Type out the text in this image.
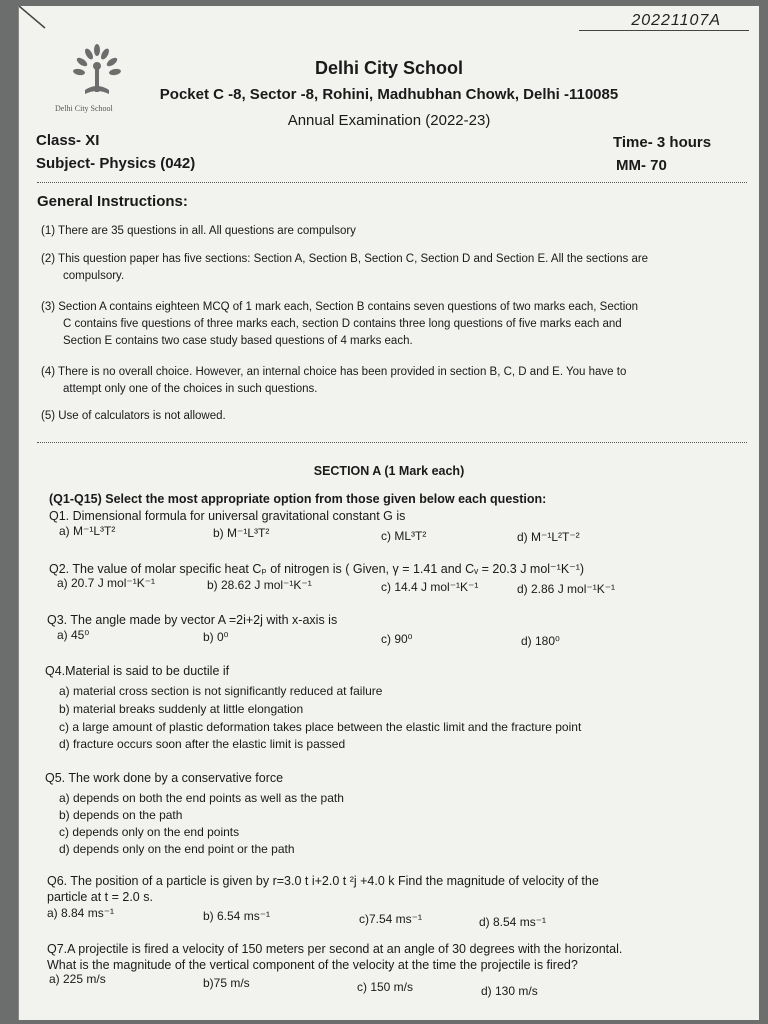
20221107A
Delhi City School
Delhi City School
Pocket C -8, Sector -8, Rohini, Madhubhan Chowk, Delhi -110085
Annual Examination (2022-23)
Class- XI	Time- 3 hours
Subject- Physics (042)	MM- 70
General Instructions:
(1) There are 35 questions in all. All questions are compulsory
(2) This question paper has five sections: Section A, Section B, Section C, Section D and Section E. All the sections are
compulsory.
(3) Section A contains eighteen MCQ of 1 mark each, Section B contains seven questions of two marks each, Section
C contains five questions of three marks each, section D contains three long questions of five marks each and
Section E contains two case study based questions of 4 marks each.
(4) There is no overall choice. However, an internal choice has been provided in section B, C, D and E. You have to
attempt only one of the choices in such questions.
(5) Use of calculators is not allowed.
SECTION A (1 Mark each)
(Q1-Q15) Select the most appropriate option from those given below each question:
Q1. Dimensional formula for universal gravitational constant G is
a) M⁻¹L³T²	b) M⁻¹L³T²	c) ML³T²	d) M⁻¹L²T⁻²
Q2. The value of molar specific heat Cₚ of nitrogen is ( Given, γ = 1.41 and Cᵥ = 20.3 J mol⁻¹K⁻¹)
a) 20.7 J mol⁻¹K⁻¹	b) 28.62 J mol⁻¹K⁻¹	c) 14.4 J mol⁻¹K⁻¹	d) 2.86 J mol⁻¹K⁻¹
Q3. The angle made by vector A =2i+2j with x-axis is
a) 45⁰	b) 0⁰	c) 90⁰	d) 180⁰
Q4.Material is said to be ductile if
a) material cross section is not significantly reduced at failure
b) material breaks suddenly at little elongation
c) a large amount of plastic deformation takes place between the elastic limit and the fracture point
d) fracture occurs soon after the elastic limit is passed
Q5. The work done by a conservative force
a) depends on both the end points as well as the path
b) depends on the path
c) depends only on the end points
d) depends only on the end point or the path
Q6. The position of a particle is given by r=3.0 t i+2.0 t ²j +4.0 k Find the magnitude of velocity of the
particle at t = 2.0 s.
a) 8.84 ms⁻¹	b) 6.54 ms⁻¹	c)7.54 ms⁻¹	d) 8.54 ms⁻¹
Q7.A projectile is fired a velocity of 150 meters per second at an angle of 30 degrees with the horizontal.
What is the magnitude of the vertical component of the velocity at the time the projectile is fired?
a) 225 m/s	b)75 m/s	c) 150 m/s	d) 130 m/s
